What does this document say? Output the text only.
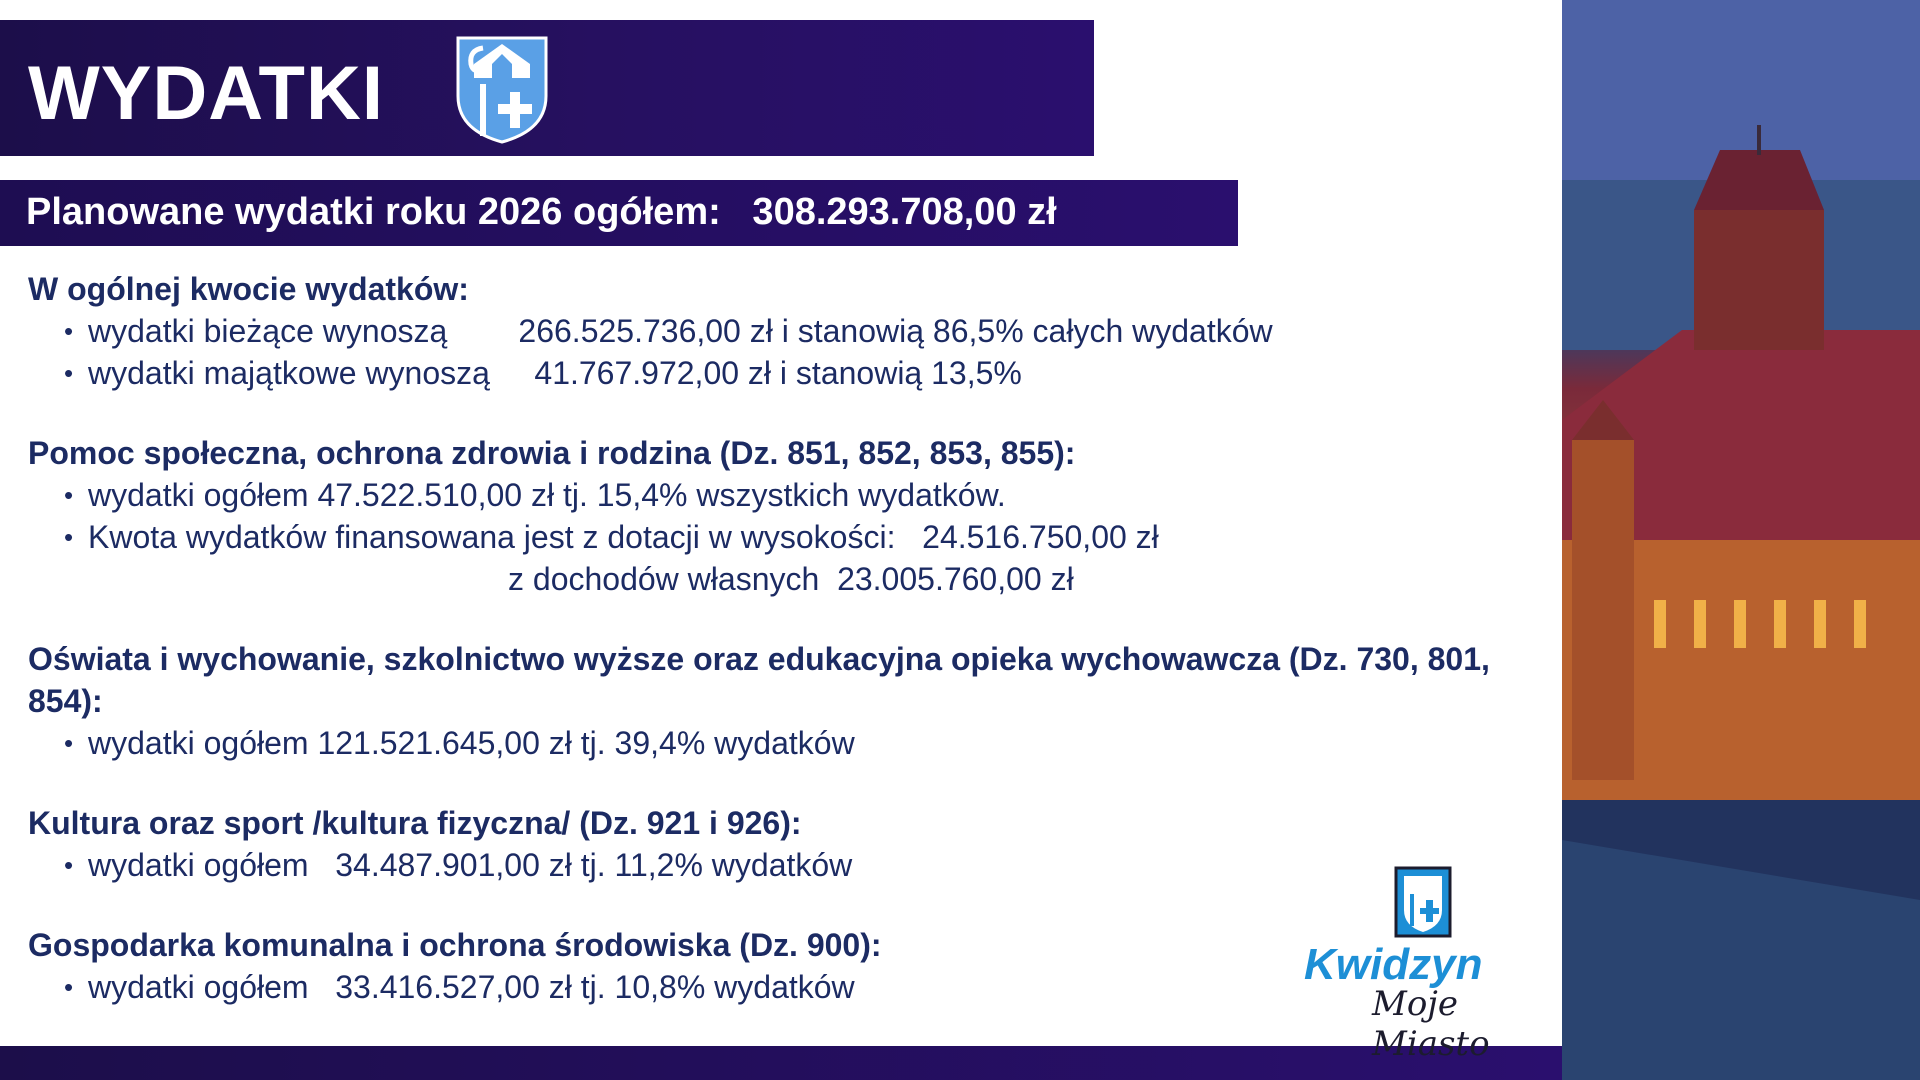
WYDATKI
Planowane wydatki roku 2026 ogółem:   308.293.708,00 zł
W ogólnej kwocie wydatków:
• wydatki bieżące wynoszą        266.525.736,00 zł i stanowią 86,5% całych wydatków
• wydatki majątkowe wynoszą     41.767.972,00 zł i stanowią 13,5%
Pomoc społeczna, ochrona zdrowia i rodzina (Dz. 851, 852, 853, 855):
• wydatki ogółem 47.522.510,00 zł tj. 15,4% wszystkich wydatków.
• Kwota wydatków finansowana jest z dotacji w wysokości:   24.516.750,00 zł
z dochodów własnych  23.005.760,00 zł
Oświata i wychowanie, szkolnictwo wyższe oraz edukacyjna opieka wychowawcza (Dz. 730, 801, 854):
• wydatki ogółem 121.521.645,00 zł tj. 39,4% wydatków
Kultura oraz sport /kultura fizyczna/ (Dz. 921 i 926):
• wydatki ogółem   34.487.901,00 zł tj. 11,2% wydatków
Gospodarka komunalna i ochrona środowiska (Dz. 900):
• wydatki ogółem   33.416.527,00 zł tj. 10,8% wydatków	Kwidzyn
Moje Miasto
